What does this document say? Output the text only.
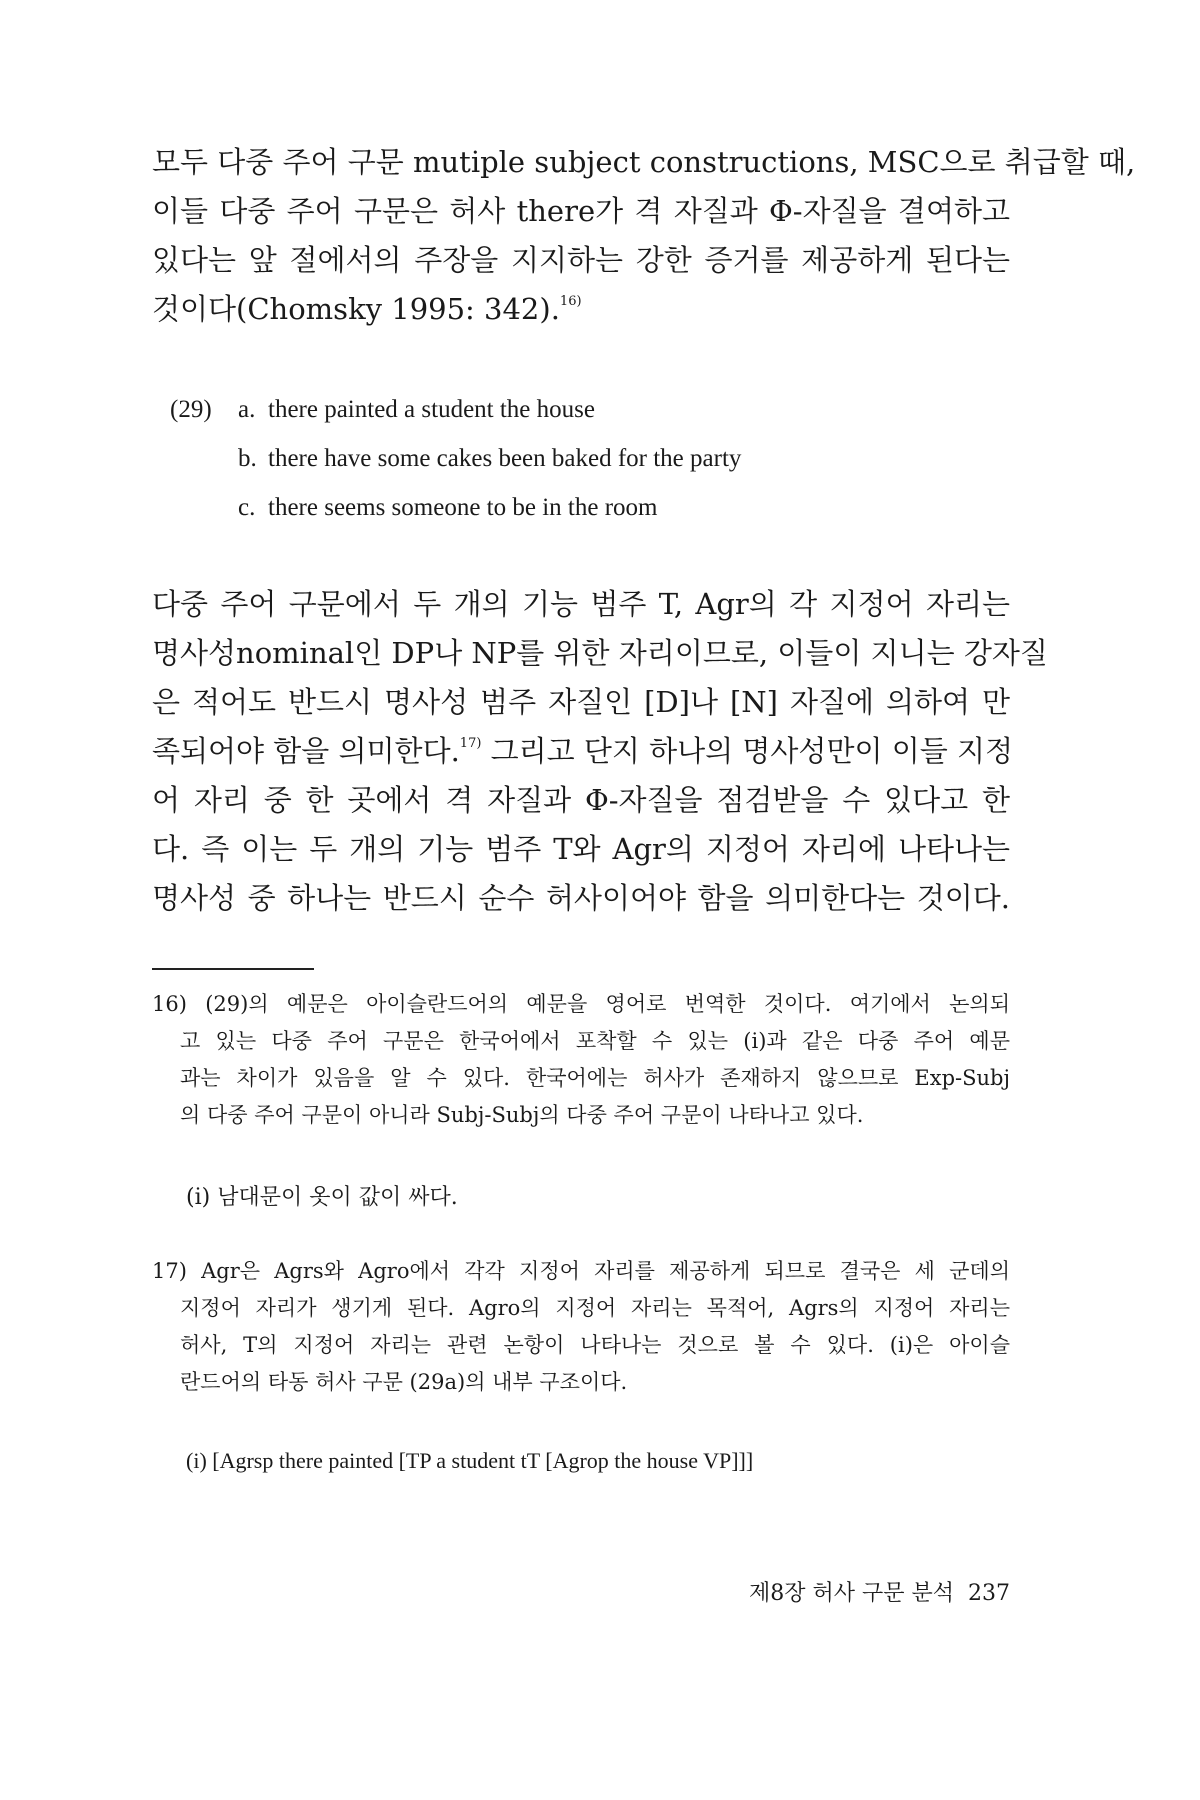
모두 다중 주어 구문 mutiple subject constructions, MSC으로 취급할 때,
이들 다중 주어 구문은 허사 there가 격 자질과 Φ-자질을 결여하고
있다는 앞 절에서의 주장을 지지하는 강한 증거를 제공하게 된다는
것이다(Chomsky 1995: 342).$^{16)}$
(29)	a. there painted a student the house
b. there have some cakes been baked for the party
c. there seems someone to be in the room
다중 주어 구문에서 두 개의 기능 범주 T, Agr의 각 지정어 자리는
명사성nominal인 DP나 NP를 위한 자리이므로, 이들이 지니는 강자질
은 적어도 반드시 명사성 범주 자질인 [D]나 [N] 자질에 의하여 만
족되어야 함을 의미한다.$^{17)}$ 그리고 단지 하나의 명사성만이 이들 지정
어 자리 중 한 곳에서 격 자질과 Φ-자질을 점검받을 수 있다고 한
다. 즉 이는 두 개의 기능 범주 T와 Agr의 지정어 자리에 나타나는
명사성 중 하나는 반드시 순수 허사이어야 함을 의미한다는 것이다.
16) (29)의 예문은 아이슬란드어의 예문을 영어로 번역한 것이다. 여기에서 논의되
고 있는 다중 주어 구문은 한국어에서 포착할 수 있는 (i)과 같은 다중 주어 예문
과는 차이가 있음을 알 수 있다. 한국어에는 허사가 존재하지 않으므로 Exp-Subj
의 다중 주어 구문이 아니라 Subj-Subj의 다중 주어 구문이 나타나고 있다.
(i) 남대문이 옷이 값이 싸다.
17) Agr은 Agrs와 Agro에서 각각 지정어 자리를 제공하게 되므로 결국은 세 군데의
지정어 자리가 생기게 된다. Agro의 지정어 자리는 목적어, Agrs의 지정어 자리는
허사, T의 지정어 자리는 관련 논항이 나타나는 것으로 볼 수 있다. (i)은 아이슬
란드어의 타동 허사 구문 (29a)의 내부 구조이다.
(i) [Agrsp there painted [TP a student tT [Agrop the house VP]]]
제8장 허사 구문 분석 237
